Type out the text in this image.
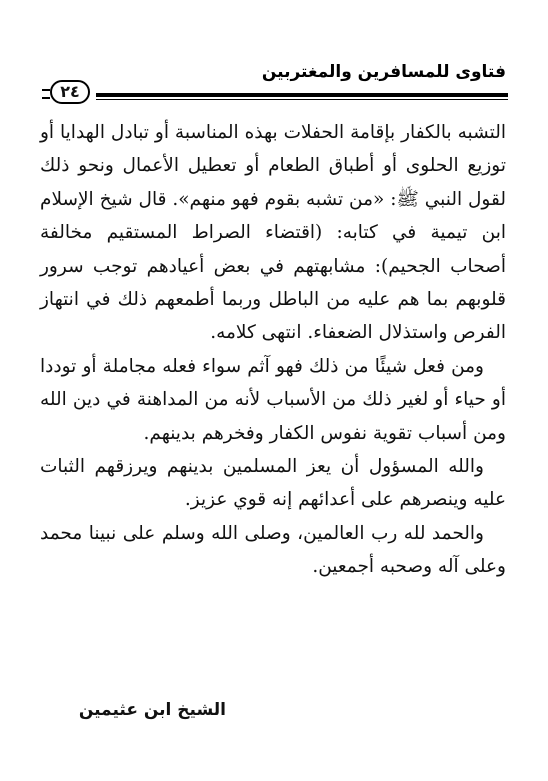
فتاوى للمسافرين والمغتربين
٢٤

التشبه بالكفار بإقامة الحفلات بهذه المناسبة أو تبادل الهدايا أو توزيع الحلوى أو أطباق الطعام أو تعطيل الأعمال ونحو ذلك لقول النبي ﷺ: «من تشبه بقوم فهو منهم». قال شيخ الإسلام ابن تيمية في كتابه: (اقتضاء الصراط المستقيم مخالفة أصحاب الجحيم): مشابهتهم في بعض أعيادهم توجب سرور قلوبهم بما هم عليه من الباطل وربما أطمعهم ذلك في انتهاز الفرص واستذلال الضعفاء. انتهى كلامه.

ومن فعل شيئًا من ذلك فهو آثم سواء فعله مجاملة أو توددا أو حياء أو لغير ذلك من الأسباب لأنه من المداهنة في دين الله ومن أسباب تقوية نفوس الكفار وفخرهم بدينهم.

والله المسؤول أن يعز المسلمين بدينهم ويرزقهم الثبات عليه وينصرهم على أعدائهم إنه قوي عزيز.

والحمد لله رب العالمين، وصلى الله وسلم على نبينا محمد وعلى آله وصحبه أجمعين.

الشيخ ابن عثيمين
